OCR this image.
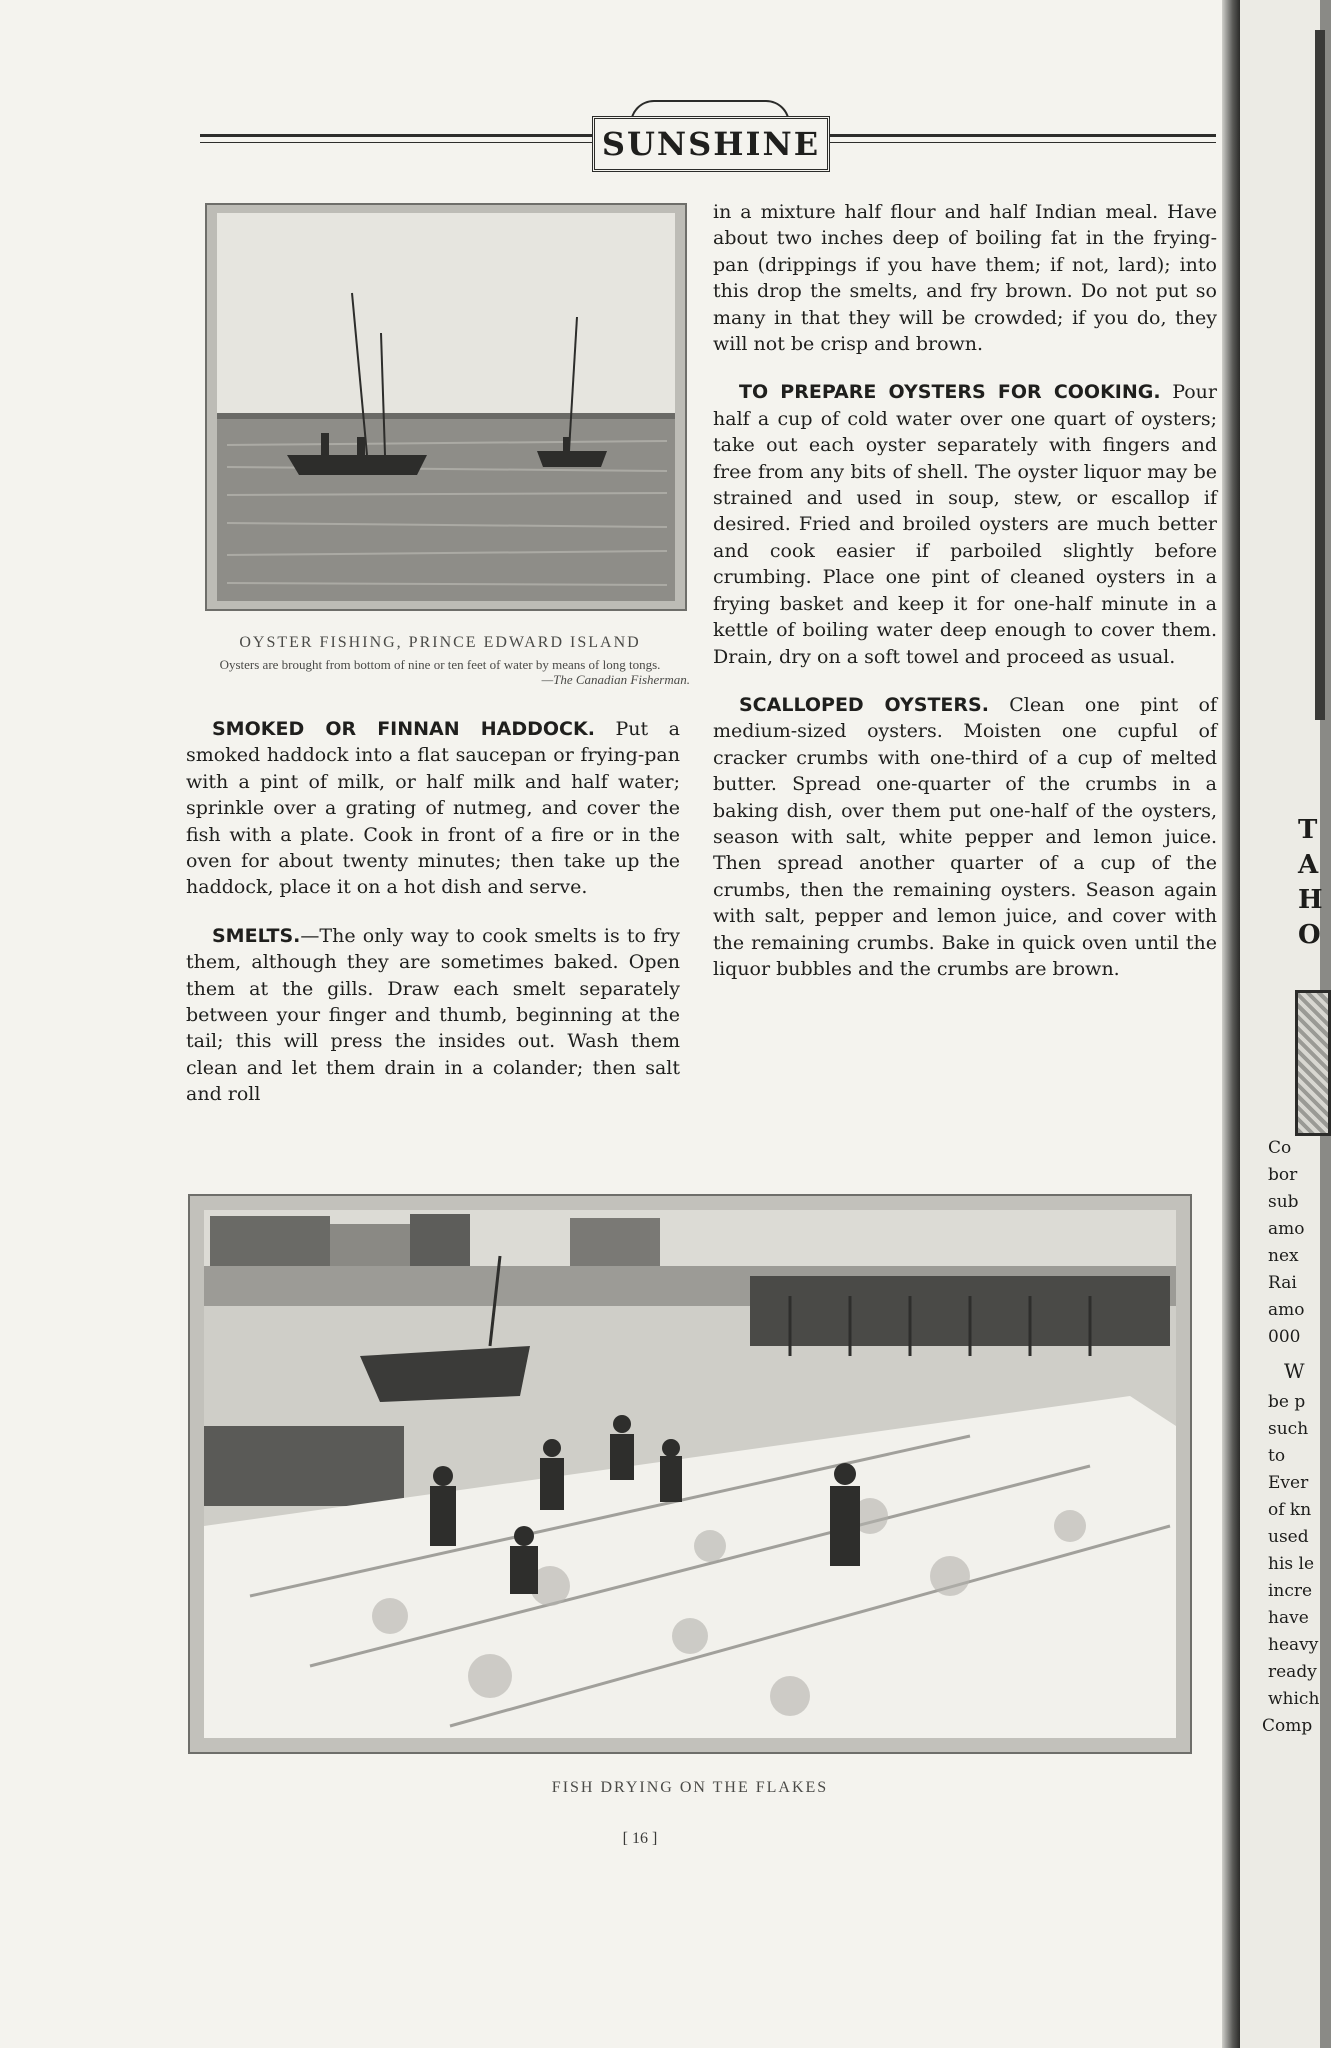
SUNSHINE
OYSTER FISHING, PRINCE EDWARD ISLAND
Oysters are brought from bottom of nine or ten feet of water by means of long tongs.
—The Canadian Fisherman.

SMOKED OR FINNAN HADDOCK. Put a smoked haddock into a flat saucepan or frying-pan with a pint of milk, or half milk and half water; sprinkle over a grating of nutmeg, and cover the fish with a plate. Cook in front of a fire or in the oven for about twenty minutes; then take up the haddock, place it on a hot dish and serve.

SMELTS.—The only way to cook smelts is to fry them, although they are sometimes baked. Open them at the gills. Draw each smelt separately between your finger and thumb, beginning at the tail; this will press the insides out. Wash them clean and let them drain in a colander; then salt and roll

in a mixture half flour and half Indian meal. Have about two inches deep of boiling fat in the frying-pan (drippings if you have them; if not, lard); into this drop the smelts, and fry brown. Do not put so many in that they will be crowded; if you do, they will not be crisp and brown.

TO PREPARE OYSTERS FOR COOKING. Pour half a cup of cold water over one quart of oysters; take out each oyster separately with fingers and free from any bits of shell. The oyster liquor may be strained and used in soup, stew, or escallop if desired. Fried and broiled oysters are much better and cook easier if parboiled slightly before crumbing. Place one pint of cleaned oysters in a frying basket and keep it for one-half minute in a kettle of boiling water deep enough to cover them. Drain, dry on a soft towel and proceed as usual.

SCALLOPED OYSTERS. Clean one pint of medium-sized oysters. Moisten one cupful of cracker crumbs with one-third of a cup of melted butter. Spread one-quarter of the crumbs in a baking dish, over them put one-half of the oysters, season with salt, white pepper and lemon juice. Then spread another quarter of a cup of the crumbs, then the remaining oysters. Season again with salt, pepper and lemon juice, and cover with the remaining crumbs. Bake in quick oven until the liquor bubbles and the crumbs are brown.

FISH DRYING ON THE FLAKES
[ 16 ]
T
A
H
O
Co
bor
sub
amo
nex
Rai
amo
000
W
be p
such
to
Ever
of kn
used
his le
incre
have
heavy
ready
which
Comp
